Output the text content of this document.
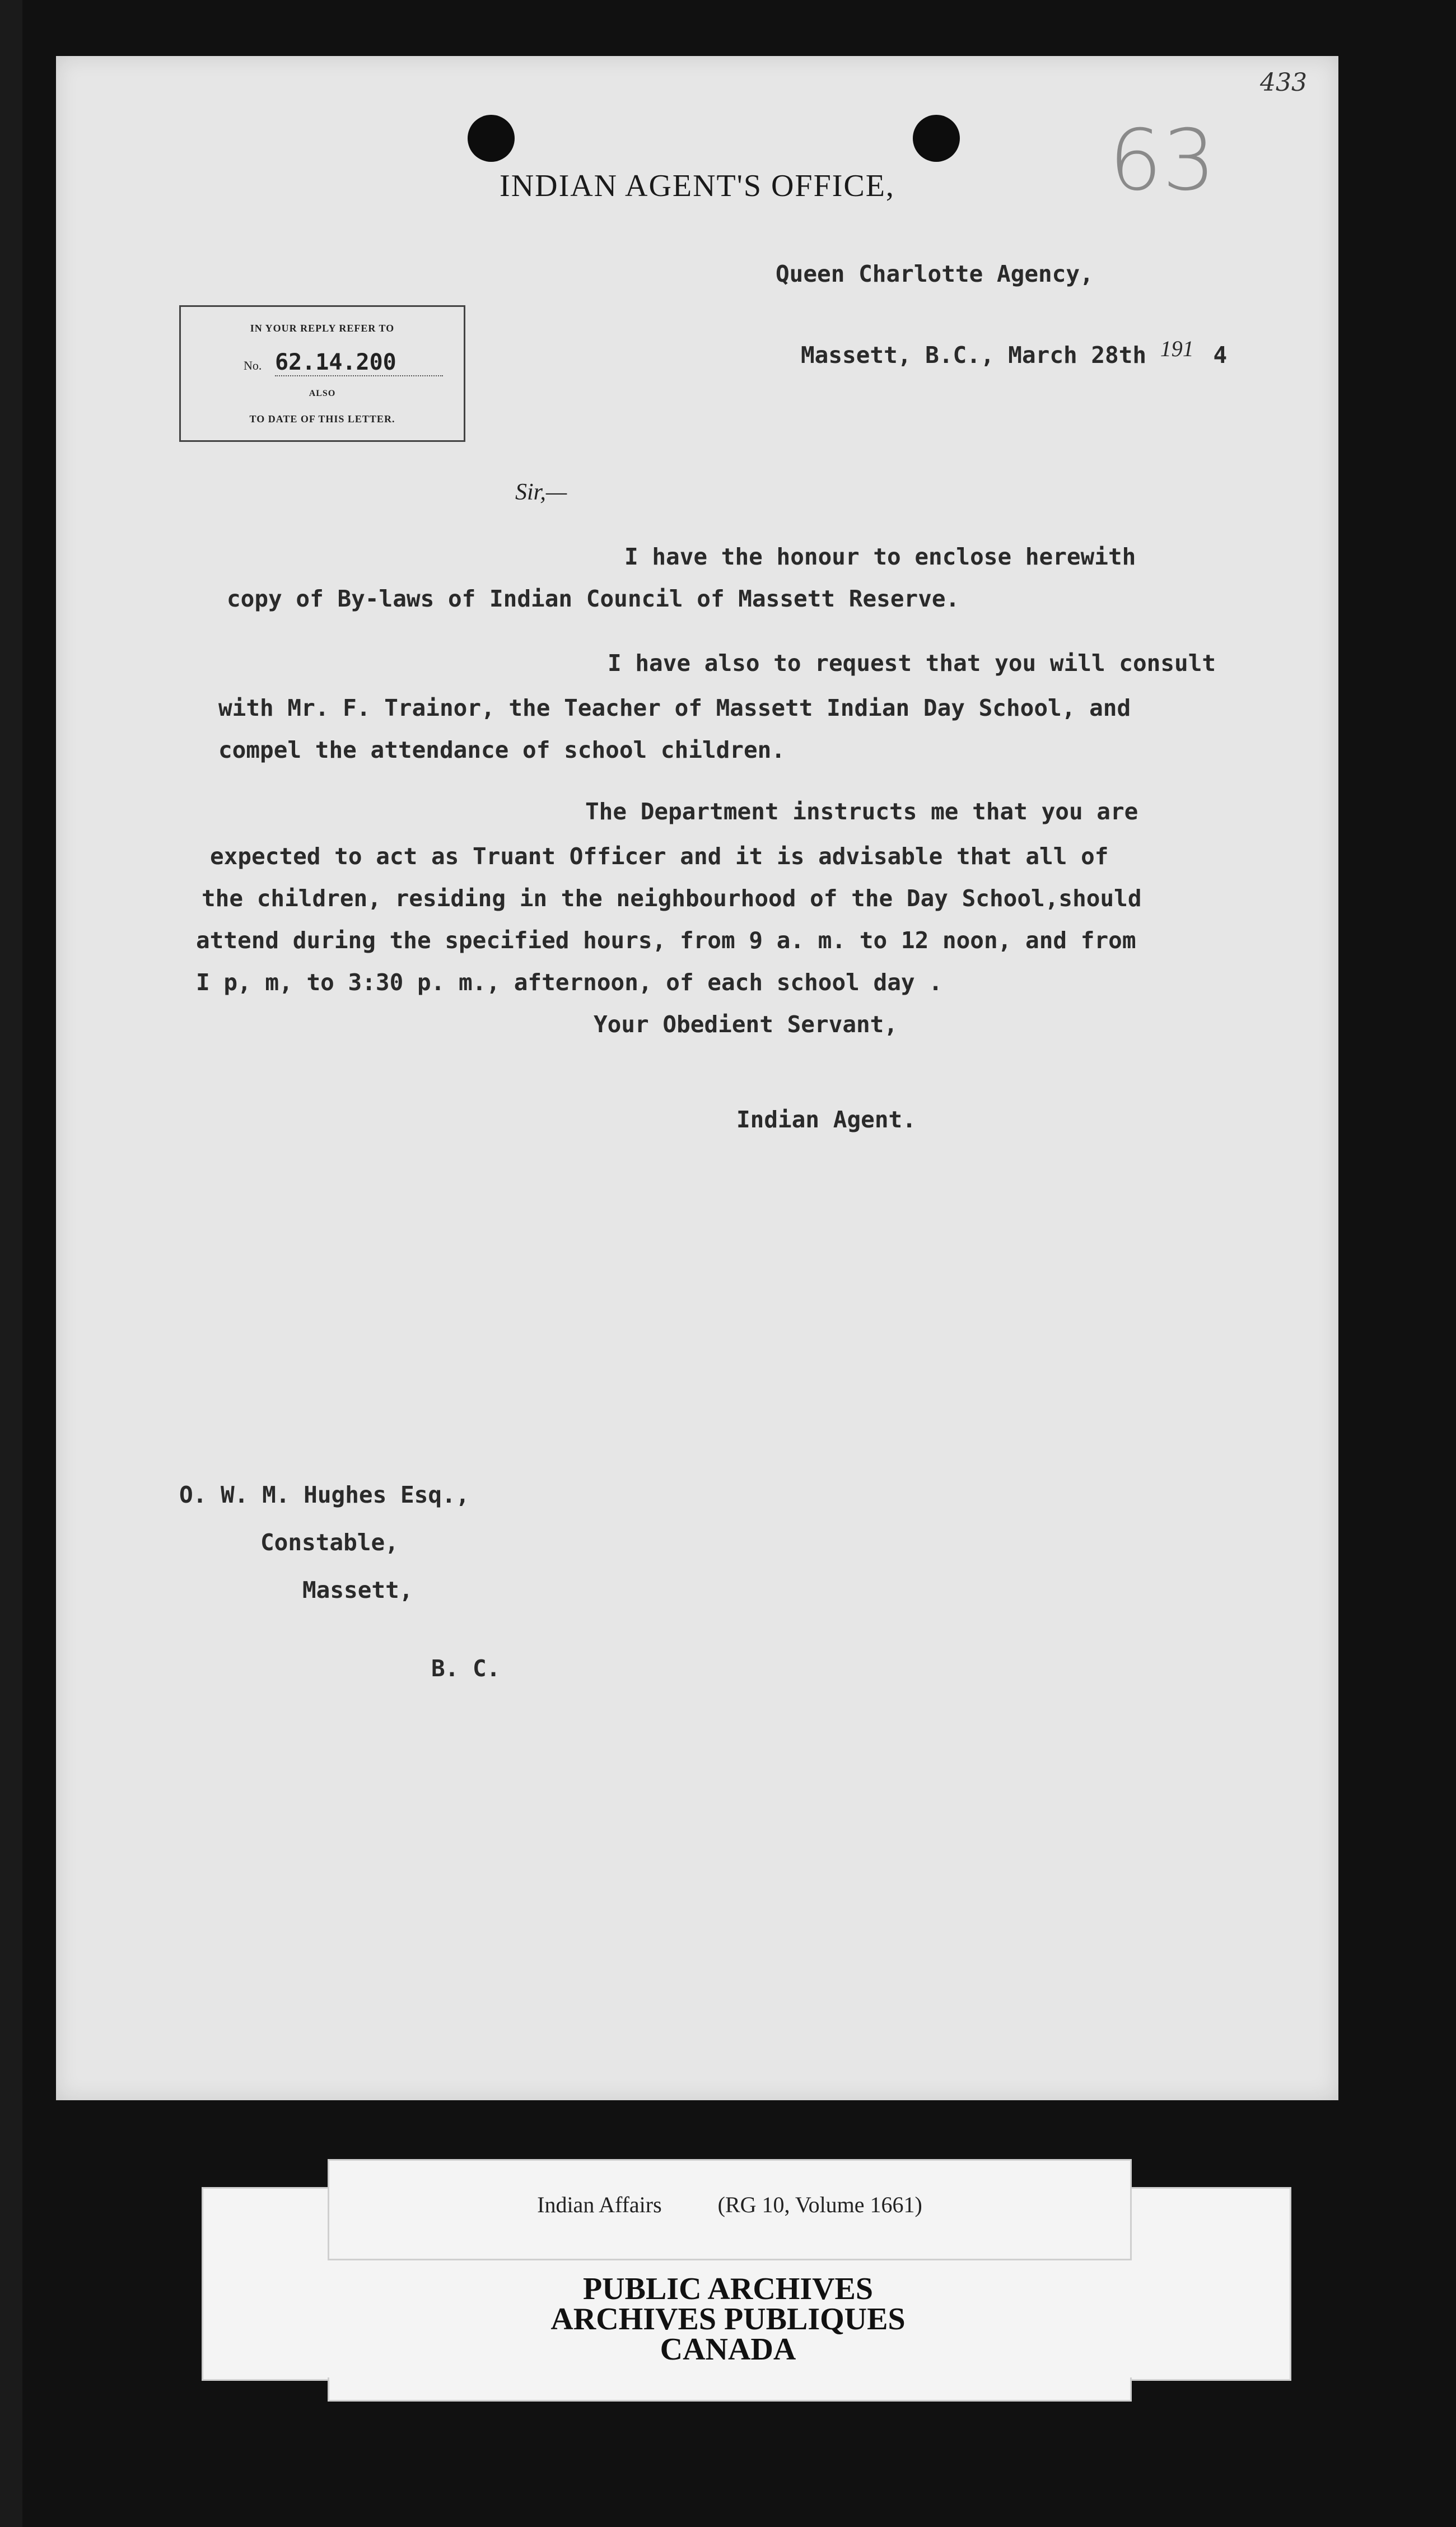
433
63
INDIAN AGENT'S OFFICE,
Queen Charlotte Agency,
Massett, B.C., March 28th 191 4
IN YOUR REPLY REFER TO
No. 62.14.200
ALSO
TO DATE OF THIS LETTER.
Sir,—
I have the honour to enclose herewith
copy of By-laws of Indian Council of Massett Reserve.
I have also to request that you will consult
with Mr. F. Trainor, the Teacher of Massett Indian Day School, and
compel the attendance of school children.
The Department instructs me that you are
expected to act as Truant Officer and it is advisable that all of
the children, residing in the neighbourhood of the Day School,should
attend during the specified hours, from 9 a. m. to 12 noon, and from
I p, m, to 3:30 p. m., afternoon, of each school day .
Your Obedient Servant,
Indian Agent.
O. W. M. Hughes Esq.,
Constable,
Massett,
B. C.
Indian Affairs	(RG 10, Volume 1661)
PUBLIC ARCHIVES
ARCHIVES PUBLIQUES
CANADA
